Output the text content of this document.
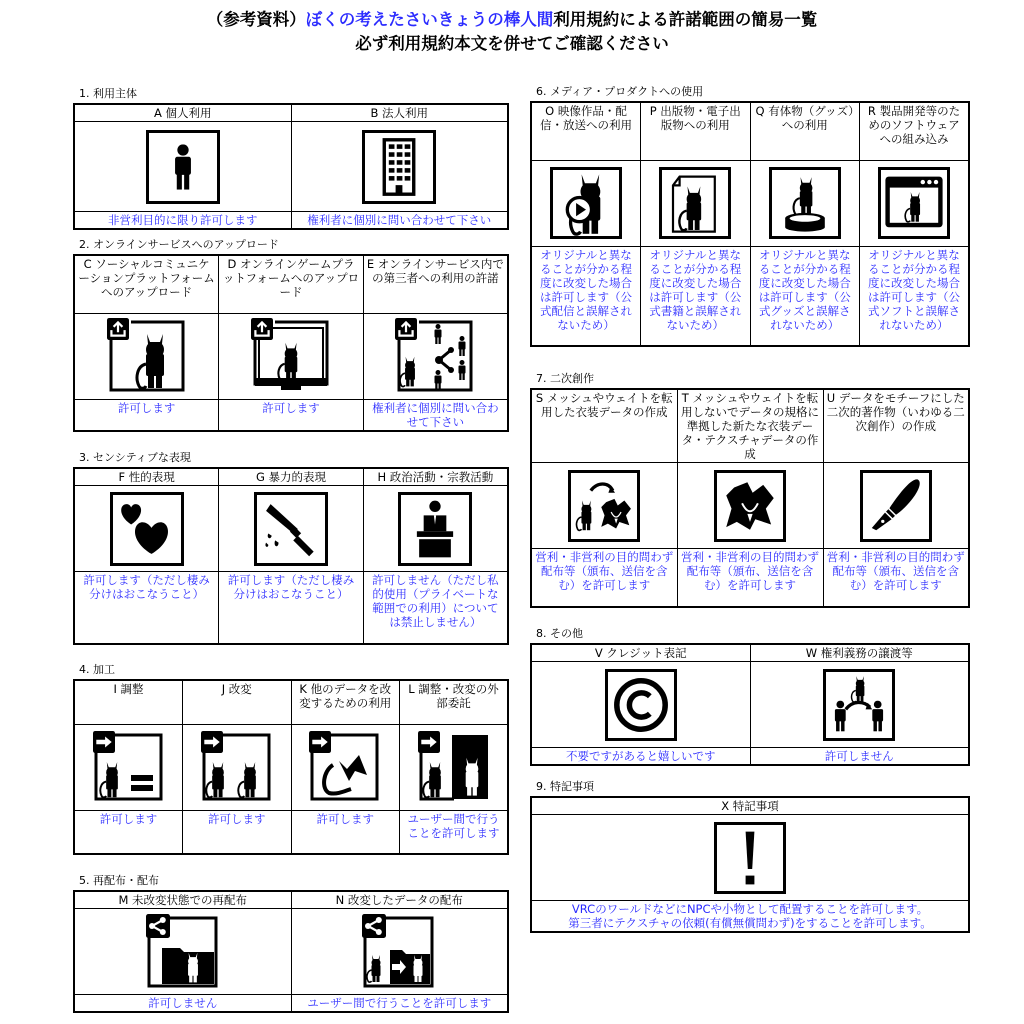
（参考資料）ぼくの考えたさいきょうの棒人間利用規約による許諾範囲の簡易一覧
必ず利用規約本文を併せてご確認ください
1. 利用主体
A 個人利用	B 法人利用

非営利目的に限り許可します	権利者に個別に問い合わせて下さい
2. オンラインサービスへのアップロード
C ソーシャルコミュニケーションプラットフォームへのアップロード	D オンラインゲームプラットフォームへのアップロード	E オンラインサービス内での第三者への利用の許諾

許可します	許可します	権利者に個別に問い合わせて下さい
3. センシティブな表現
F 性的表現	G 暴力的表現	H 政治活動・宗教活動

許可します（ただし棲み分けはおこなうこと）	許可します（ただし棲み分けはおこなうこと）	許可しません（ただし私的使用（プライベートな範囲での利用）については禁止しません）
4. 加工
I 調整	J 改変	K 他のデータを改変するための利用	L 調整・改変の外部委託

許可します	許可します	許可します	ユーザー間で行うことを許可します
5. 再配布・配布
M 未改変状態での再配布	N 改変したデータの配布

許可しません	ユーザー間で行うことを許可します
6. メディア・プロダクトへの使用
O 映像作品・配信・放送への利用	P 出版物・電子出版物への利用	Q 有体物（グッズ）への利用	R 製品開発等のためのソフトウェアへの組み込み

オリジナルと異なることが分かる程度に改変した場合は許可します（公式配信と誤解されないため）	オリジナルと異なることが分かる程度に改変した場合は許可します（公式書籍と誤解されないため）	オリジナルと異なることが分かる程度に改変した場合は許可します（公式グッズと誤解されないため）	オリジナルと異なることが分かる程度に改変した場合は許可します（公式ソフトと誤解されないため）
7. 二次創作
S メッシュやウェイトを転用した衣装データの作成	T メッシュやウェイトを転用しないでデータの規格に準拠した新たな衣装データ・テクスチャデータの作成	U データをモチーフにした二次的著作物（いわゆる二次創作）の作成

営利・非営利の目的問わず配布等（頒布、送信を含む）を許可します	営利・非営利の目的問わず配布等（頒布、送信を含む）を許可します	営利・非営利の目的問わず配布等（頒布、送信を含む）を許可します
8. その他
V クレジット表記	W 権利義務の譲渡等

不要ですがあると嬉しいです	許可しません
9. 特記事項
X 特記事項

VRCのワールドなどにNPCや小物として配置することを許可します。
第三者にテクスチャの依頼(有償無償問わず)をすることを許可します。
